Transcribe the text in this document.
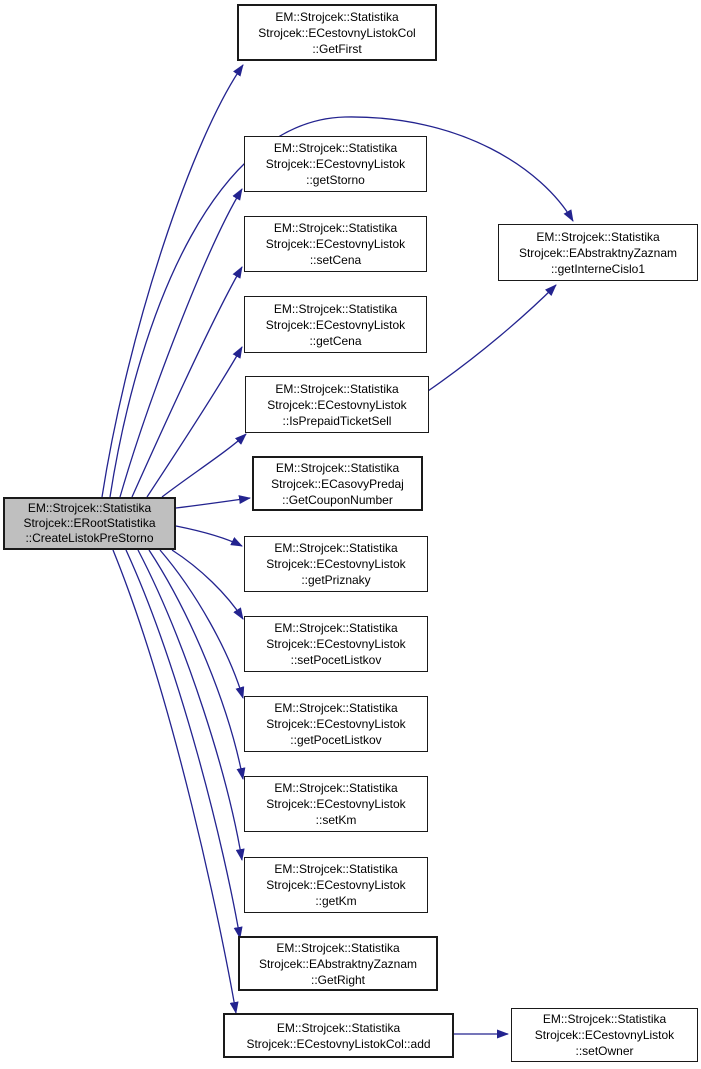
EM::Strojcek::Statistika
Strojcek::ERootStatistika
::CreateListokPreStorno
EM::Strojcek::Statistika
Strojcek::ECestovnyListokCol
::GetFirst
EM::Strojcek::Statistika
Strojcek::ECestovnyListok
::getStorno
EM::Strojcek::Statistika
Strojcek::ECestovnyListok
::setCena
EM::Strojcek::Statistika
Strojcek::ECestovnyListok
::getCena
EM::Strojcek::Statistika
Strojcek::ECestovnyListok
::IsPrepaidTicketSell
EM::Strojcek::Statistika
Strojcek::ECasovyPredaj
::GetCouponNumber
EM::Strojcek::Statistika
Strojcek::ECestovnyListok
::getPriznaky
EM::Strojcek::Statistika
Strojcek::ECestovnyListok
::setPocetListkov
EM::Strojcek::Statistika
Strojcek::ECestovnyListok
::getPocetListkov
EM::Strojcek::Statistika
Strojcek::ECestovnyListok
::setKm
EM::Strojcek::Statistika
Strojcek::ECestovnyListok
::getKm
EM::Strojcek::Statistika
Strojcek::EAbstraktnyZaznam
::GetRight
EM::Strojcek::Statistika
Strojcek::ECestovnyListokCol::add
EM::Strojcek::Statistika
Strojcek::EAbstraktnyZaznam
::getInterneCislo1
EM::Strojcek::Statistika
Strojcek::ECestovnyListok
::setOwner
